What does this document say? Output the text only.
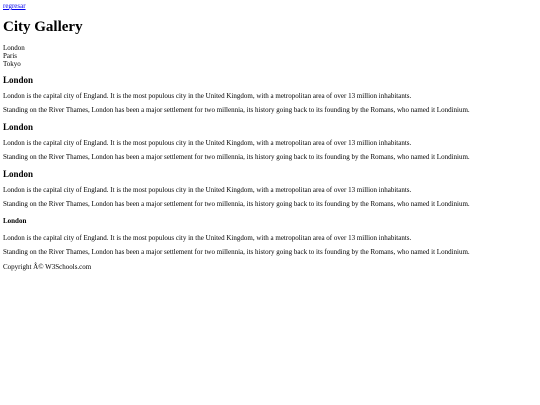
regresar
City Gallery
London
Paris
Tokyo
London

London is the capital city of England. It is the most populous city in the United Kingdom, with a metropolitan area of over 13 million inhabitants.

Standing on the River Thames, London has been a major settlement for two millennia, its history going back to its founding by the Romans, who named it Londinium.

London

London is the capital city of England. It is the most populous city in the United Kingdom, with a metropolitan area of over 13 million inhabitants.

Standing on the River Thames, London has been a major settlement for two millennia, its history going back to its founding by the Romans, who named it Londinium.

London

London is the capital city of England. It is the most populous city in the United Kingdom, with a metropolitan area of over 13 million inhabitants.

Standing on the River Thames, London has been a major settlement for two millennia, its history going back to its founding by the Romans, who named it Londinium.

London

London is the capital city of England. It is the most populous city in the United Kingdom, with a metropolitan area of over 13 million inhabitants.

Standing on the River Thames, London has been a major settlement for two millennia, its history going back to its founding by the Romans, who named it Londinium.

Copyright Â© W3Schools.com
